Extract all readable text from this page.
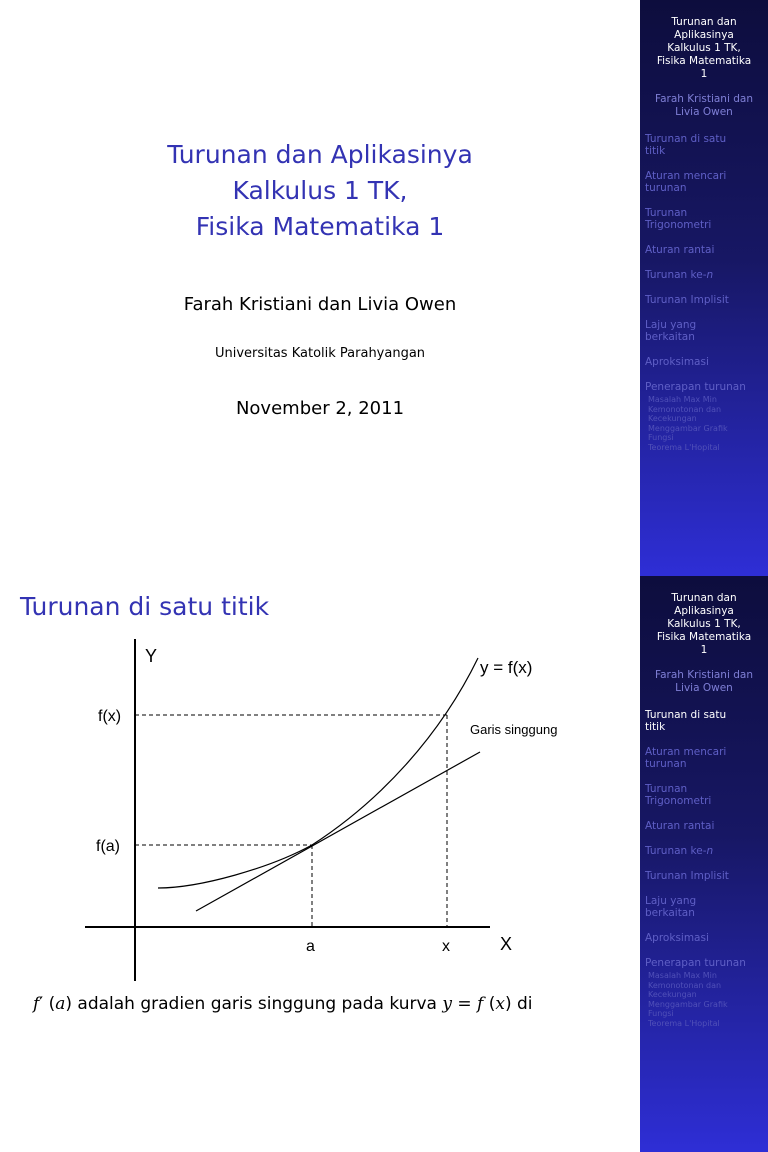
Turunan dan Aplikasinya
Kalkulus 1 TK,
Fisika Matematika 1
Farah Kristiani dan Livia Owen
Universitas Katolik Parahyangan
November 2, 2011
Turunan dan
Aplikasinya
Kalkulus 1 TK,
Fisika Matematika
1
Farah Kristiani dan
Livia Owen
Turunan di satu
titik
Aturan mencari
turunan
Turunan
Trigonometri
Aturan rantai
Turunan ke-n
Turunan Implisit
Laju yang
berkaitan
Aproksimasi
Penerapan turunan
Masalah Max Min
Kemonotonan dan
Kecekungan
Menggambar Grafik
Fungsi
Teorema L'Hopital
Turunan di satu titik
Y
X
y = f(x)
Garis singgung
f(x)
f(a)
a	x
f′ (a) adalah gradien garis singgung pada kurva y = f (x) di
Turunan dan
Aplikasinya
Kalkulus 1 TK,
Fisika Matematika
1
Farah Kristiani dan
Livia Owen
Turunan di satu
titik
Aturan mencari
turunan
Turunan
Trigonometri
Aturan rantai
Turunan ke-n
Turunan Implisit
Laju yang
berkaitan
Aproksimasi
Penerapan turunan
Masalah Max Min
Kemonotonan dan
Kecekungan
Menggambar Grafik
Fungsi
Teorema L'Hopital
